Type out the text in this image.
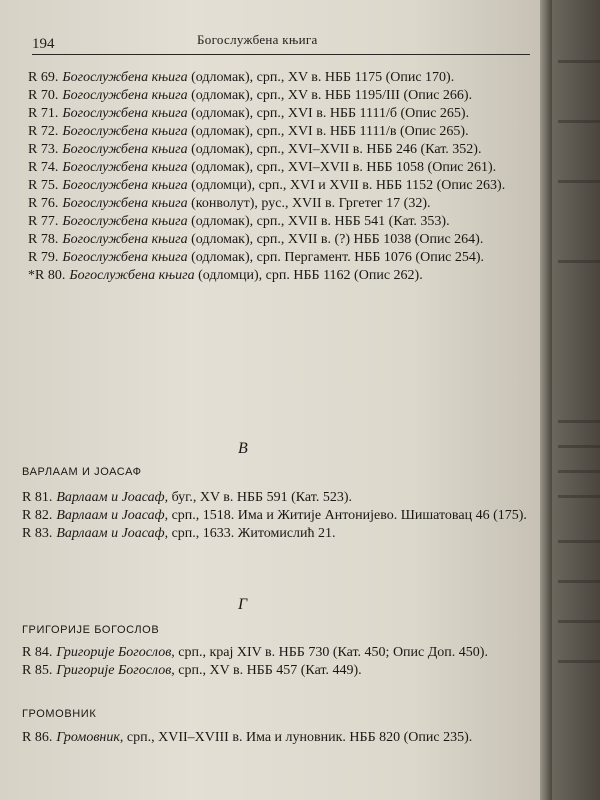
194	Богослужбена књига

R 69. Богослужбена књига (одломак), срп., XV в. НББ 1175 (Опис 170).

R 70. Богослужбена књига (одломак), срп., XV в. НББ 1195/III (Опис 266).

R 71. Богослужбена књига (одломак), срп., XVI в. НББ 1111/б (Опис 265).

R 72. Богослужбена књига (одломак), срп., XVI в. НББ 1111/в (Опис 265).

R 73. Богослужбена књига (одломак), срп., XVI–XVII в. НББ 246 (Кат. 352).

R 74. Богослужбена књига (одломак), срп., XVI–XVII в. НББ 1058 (Опис 261).

R 75. Богослужбена књига (одломци), срп., XVI и XVII в. НББ 1152 (Опис 263).

R 76. Богослужбена књига (конволут), рус., XVII в. Гргетег 17 (32).

R 77. Богослужбена књига (одломак), срп., XVII в. НББ 541 (Кат. 353).

R 78. Богослужбена књига (одломак), срп., XVII в. (?) НББ 1038 (Опис 264).

R 79. Богослужбена књига (одломак), срп. Пергамент. НББ 1076 (Опис 254).

*R 80. Богослужбена књига (одломци), срп. НББ 1162 (Опис 262).

В
ВАРЛААМ И ЈОАСАФ

R 81. Варлаам и Јоасаф, буг., XV в. НББ 591 (Кат. 523).

R 82. Варлаам и Јоасаф, срп., 1518. Има и Житије Антонијево. Шишатовац 46 (175).

R 83. Варлаам и Јоасаф, срп., 1633. Житомислић 21.

Г
ГРИГОРИЈЕ БОГОСЛОВ

R 84. Григорије Богослов, срп., крај XIV в. НББ 730 (Кат. 450; Опис Доп. 450).

R 85. Григорије Богослов, срп., XV в. НББ 457 (Кат. 449).

ГРОМОВНИК

R 86. Громовник, срп., XVII–XVIII в. Има и луновник. НББ 820 (Опис 235).
